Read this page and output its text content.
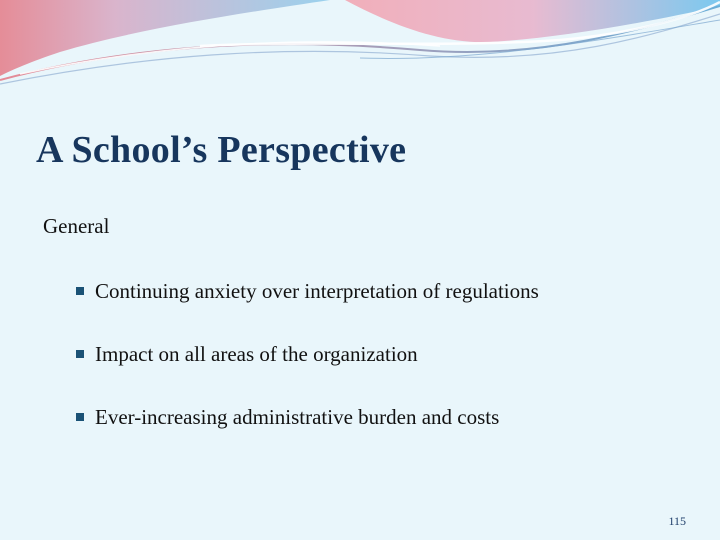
A School’s Perspective
General
Continuing anxiety over interpretation of regulations
Impact on all areas of the organization
Ever-increasing administrative burden and costs
115
